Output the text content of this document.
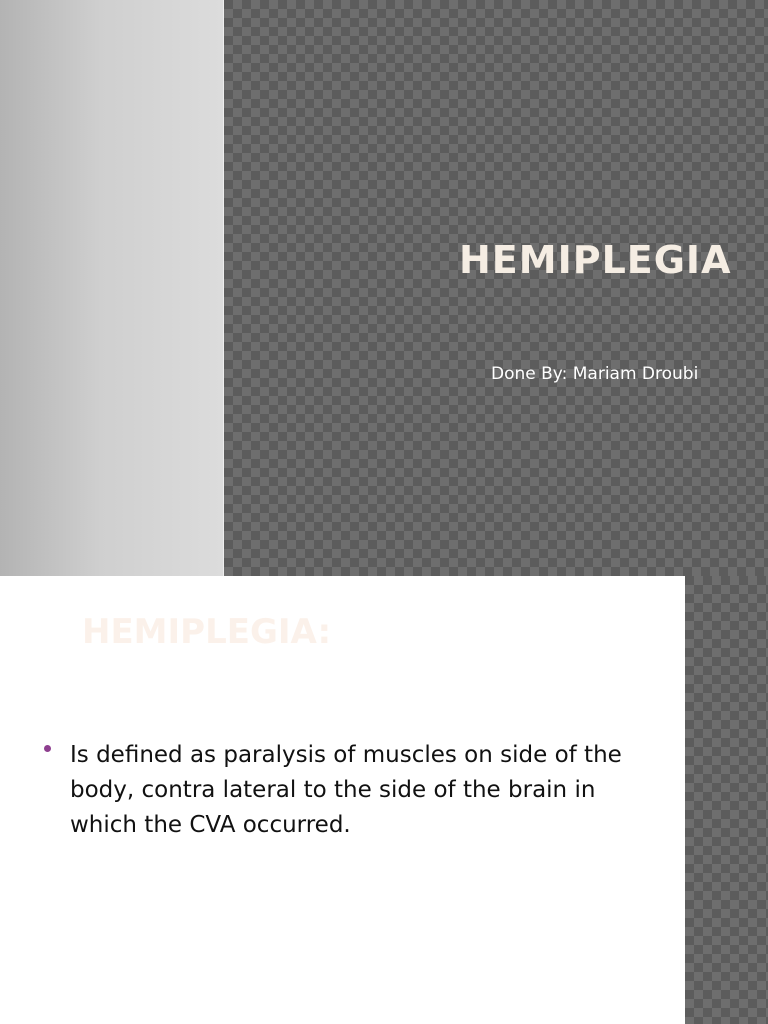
HEMIPLEGIA

Done By: Mariam Droubi

HEMIPLEGIA:
Is defined as paralysis of muscles on side of the body, contra lateral to the side of the brain in which the CVA occurred.
